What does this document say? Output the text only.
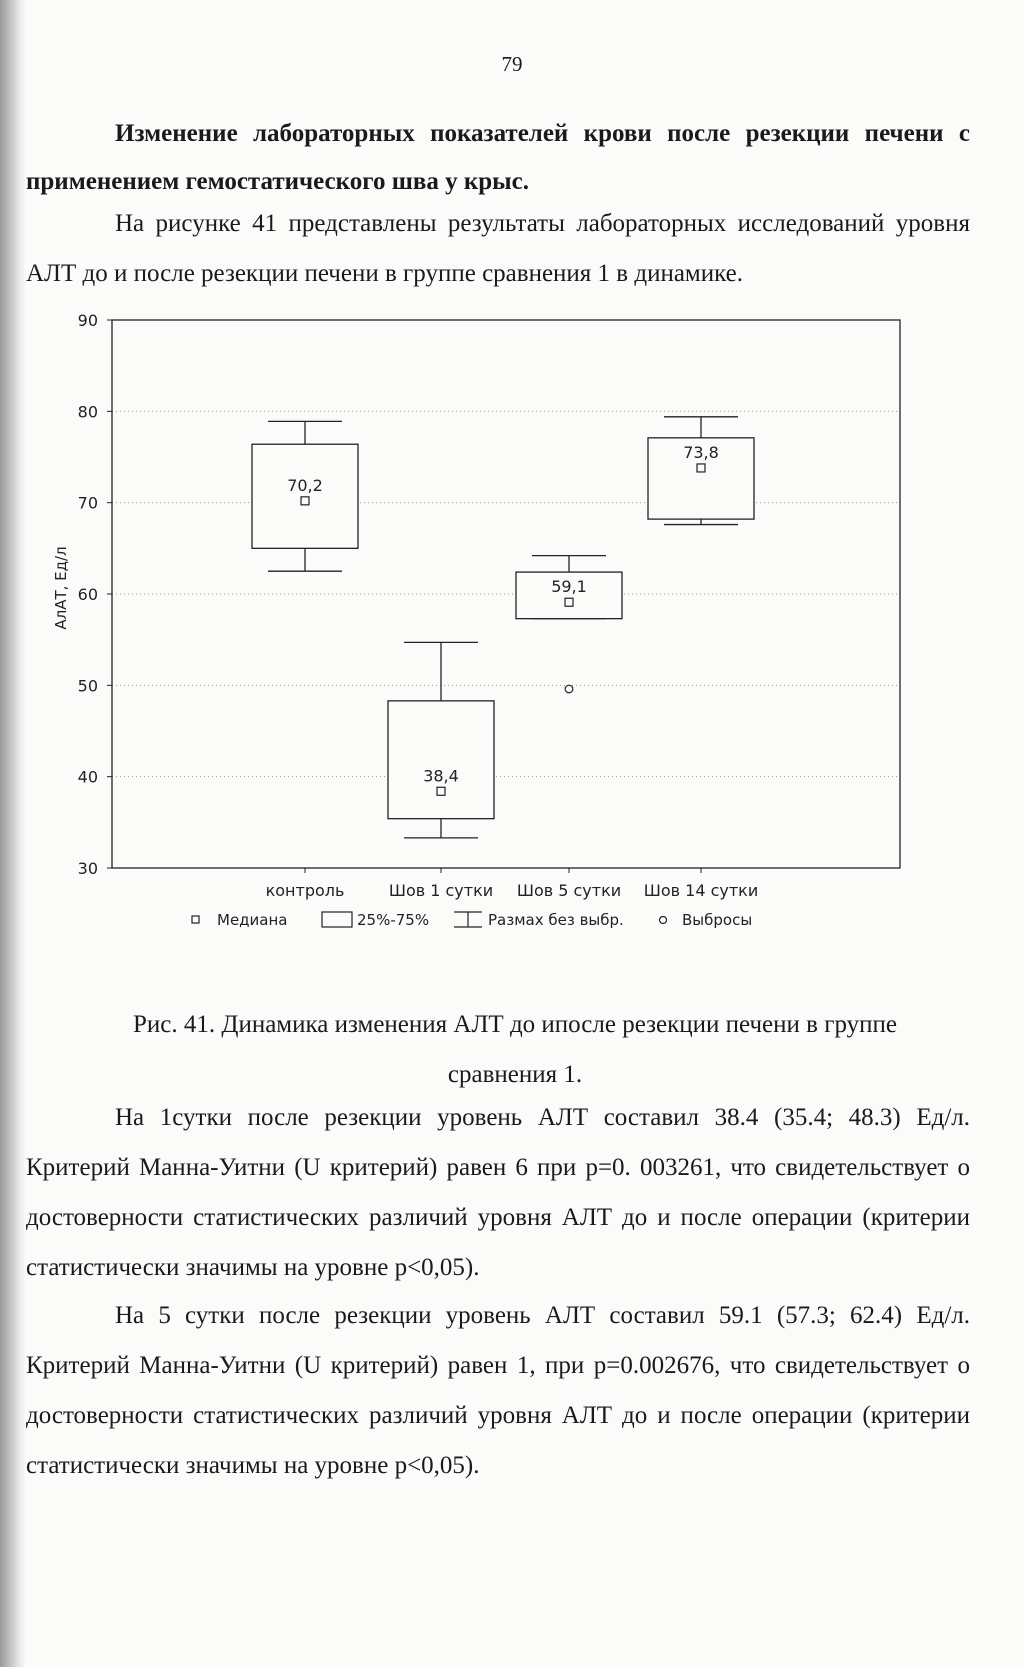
79
Изменение лабораторных показателей крови после резекции печени с применением гемостатического шва у крыс.
На рисунке 41 представлены результаты лабораторных исследований уровня АЛТ до и после резекции печени в группе сравнения 1 в динамике.
АлАТ, Ед/л
30
40
50
60
70
80
90
70,2
контроль
38,4
Шов 1 сутки
59,1
Шов 5 сутки
73,8
Шов 14 сутки
Медиана	25%-75%	Размах без выбр.	Выбросы
Рис. 41. Динамика изменения АЛТ до ипосле резекции печени в группе сравнения 1.
На 1сутки после резекции уровень АЛТ составил 38.4 (35.4; 48.3) Ед/л. Критерий Манна-Уитни (U критерий) равен 6 при p=0. 003261, что свидетельствует о достоверности статистических различий уровня АЛТ до и после операции (критерии статистически значимы на уровне p<0,05).
На 5 сутки после резекции уровень АЛТ составил 59.1 (57.3; 62.4) Ед/л. Критерий Манна-Уитни (U критерий) равен 1, при p=0.002676, что свидетельствует о достоверности статистических различий уровня АЛТ до и после операции (критерии статистически значимы на уровне p<0,05).
